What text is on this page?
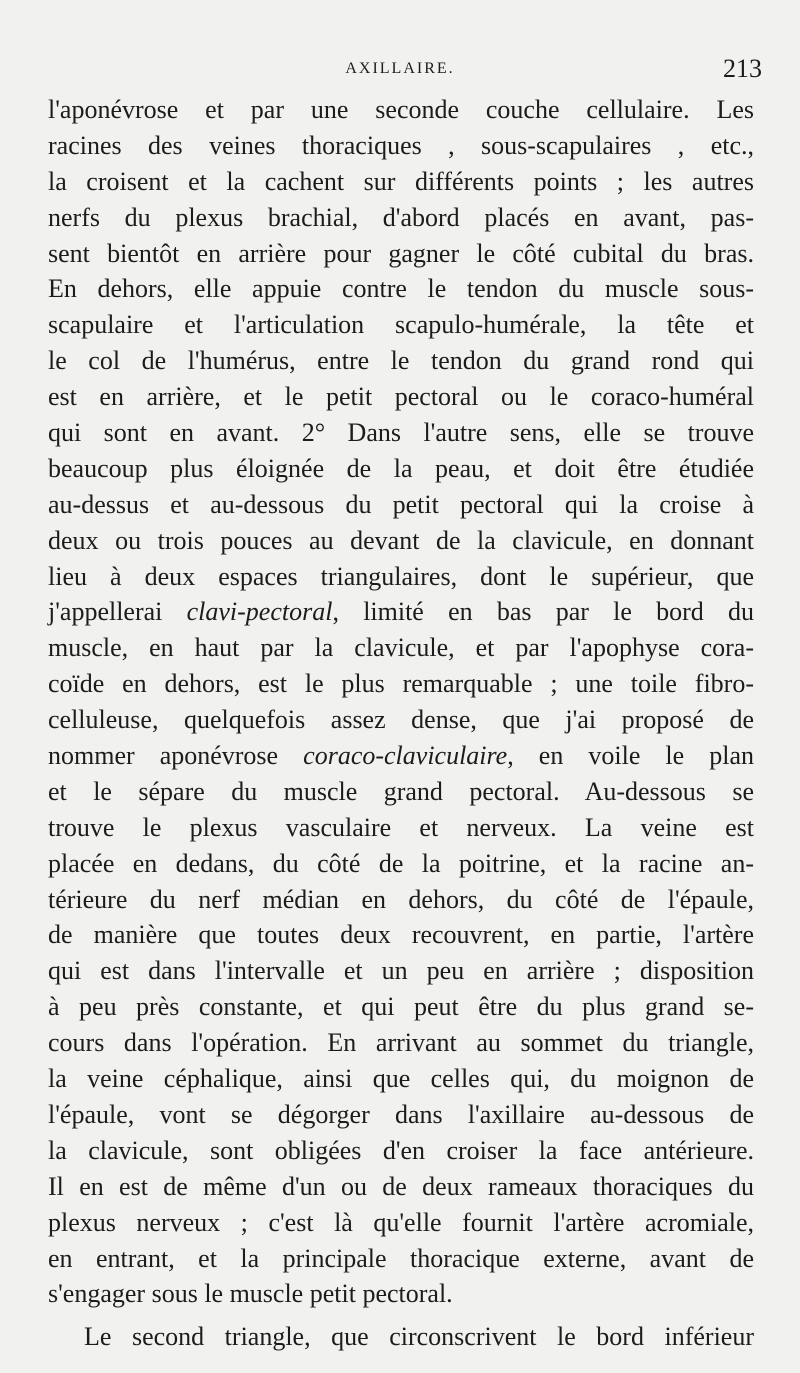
AXILLAIRE.	213
l'aponévrose et par une seconde couche cellulaire. Les
racines des veines thoraciques , sous-scapulaires , etc.,
la croisent et la cachent sur différents points ; les autres
nerfs du plexus brachial, d'abord placés en avant, pas-
sent bientôt en arrière pour gagner le côté cubital du bras.
En dehors, elle appuie contre le tendon du muscle sous-
scapulaire et l'articulation scapulo-humérale, la tête et
le col de l'humérus, entre le tendon du grand rond qui
est en arrière, et le petit pectoral ou le coraco-huméral
qui sont en avant. 2° Dans l'autre sens, elle se trouve
beaucoup plus éloignée de la peau, et doit être étudiée
au-dessus et au-dessous du petit pectoral qui la croise à
deux ou trois pouces au devant de la clavicule, en donnant
lieu à deux espaces triangulaires, dont le supérieur, que
j'appellerai clavi-pectoral, limité en bas par le bord du
muscle, en haut par la clavicule, et par l'apophyse cora-
coïde en dehors, est le plus remarquable ; une toile fibro-
celluleuse, quelquefois assez dense, que j'ai proposé de
nommer aponévrose coraco-claviculaire, en voile le plan
et le sépare du muscle grand pectoral. Au-dessous se
trouve le plexus vasculaire et nerveux. La veine est
placée en dedans, du côté de la poitrine, et la racine an-
térieure du nerf médian en dehors, du côté de l'épaule,
de manière que toutes deux recouvrent, en partie, l'artère
qui est dans l'intervalle et un peu en arrière ; disposition
à peu près constante, et qui peut être du plus grand se-
cours dans l'opération. En arrivant au sommet du triangle,
la veine céphalique, ainsi que celles qui, du moignon de
l'épaule, vont se dégorger dans l'axillaire au-dessous de
la clavicule, sont obligées d'en croiser la face antérieure.
Il en est de même d'un ou de deux rameaux thoraciques du
plexus nerveux ; c'est là qu'elle fournit l'artère acromiale,
en entrant, et la principale thoracique externe, avant de
s'engager sous le muscle petit pectoral.
Le second triangle, que circonscrivent le bord inférieur
